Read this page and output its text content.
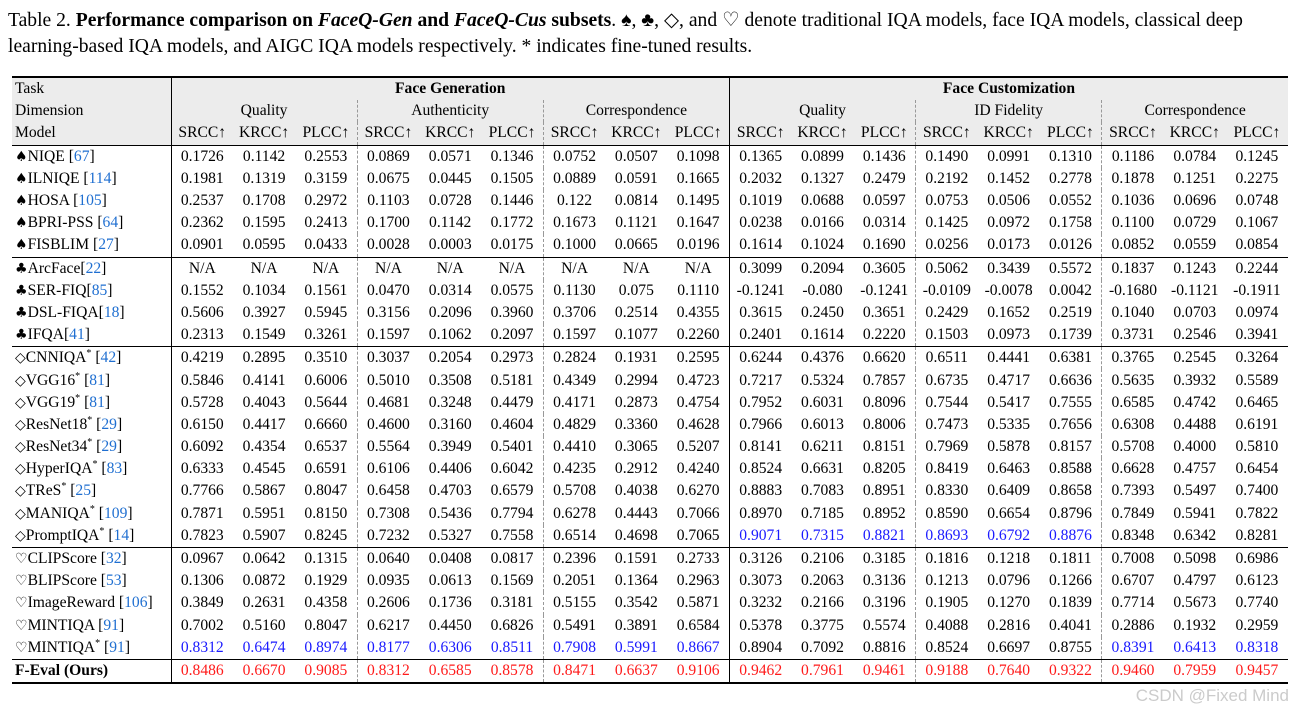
Table 2. Performance comparison on FaceQ-Gen and FaceQ-Cus subsets. ♠, ♣, ◇, and ♡ denote traditional IQA models, face IQA models, classical deep learning-based IQA models, and AIGC IQA models respectively. * indicates fine-tuned results.
Task	Face Generation									Face Customization								
Dimension	Quality			Authenticity			Correspondence			Quality			ID Fidelity			Correspondence		
Model	SRCC↑	KRCC↑	PLCC↑	SRCC↑	KRCC↑	PLCC↑	SRCC↑	KRCC↑	PLCC↑	SRCC↑	KRCC↑	PLCC↑	SRCC↑	KRCC↑	PLCC↑	SRCC↑	KRCC↑	PLCC↑
♠NIQE [67]	0.1726	0.1142	0.2553	0.0869	0.0571	0.1346	0.0752	0.0507	0.1098	0.1365	0.0899	0.1436	0.1490	0.0991	0.1310	0.1186	0.0784	0.1245
♠ILNIQE [114]	0.1981	0.1319	0.3159	0.0675	0.0445	0.1505	0.0889	0.0591	0.1665	0.2032	0.1327	0.2479	0.2192	0.1452	0.2778	0.1878	0.1251	0.2275
♠HOSA [105]	0.2537	0.1708	0.2972	0.1103	0.0728	0.1446	0.122	0.0814	0.1495	0.1019	0.0688	0.0597	0.0753	0.0506	0.0552	0.1036	0.0696	0.0748
♠BPRI-PSS [64]	0.2362	0.1595	0.2413	0.1700	0.1142	0.1772	0.1673	0.1121	0.1647	0.0238	0.0166	0.0314	0.1425	0.0972	0.1758	0.1100	0.0729	0.1067
♠FISBLIM [27]	0.0901	0.0595	0.0433	0.0028	0.0003	0.0175	0.1000	0.0665	0.0196	0.1614	0.1024	0.1690	0.0256	0.0173	0.0126	0.0852	0.0559	0.0854
♣ArcFace[22]	N/A	N/A	N/A	N/A	N/A	N/A	N/A	N/A	N/A	0.3099	0.2094	0.3605	0.5062	0.3439	0.5572	0.1837	0.1243	0.2244
♣SER-FIQ[85]	0.1552	0.1034	0.1561	0.0470	0.0314	0.0575	0.1130	0.075	0.1110	-0.1241	-0.080	-0.1241	-0.0109	-0.0078	0.0042	-0.1680	-0.1121	-0.1911
♣DSL-FIQA[18]	0.5606	0.3927	0.5945	0.3156	0.2096	0.3960	0.3706	0.2514	0.4355	0.3615	0.2450	0.3651	0.2429	0.1652	0.2519	0.1040	0.0703	0.0974
♣IFQA[41]	0.2313	0.1549	0.3261	0.1597	0.1062	0.2097	0.1597	0.1077	0.2260	0.2401	0.1614	0.2220	0.1503	0.0973	0.1739	0.3731	0.2546	0.3941
◇CNNIQA* [42]	0.4219	0.2895	0.3510	0.3037	0.2054	0.2973	0.2824	0.1931	0.2595	0.6244	0.4376	0.6620	0.6511	0.4441	0.6381	0.3765	0.2545	0.3264
◇VGG16* [81]	0.5846	0.4141	0.6006	0.5010	0.3508	0.5181	0.4349	0.2994	0.4723	0.7217	0.5324	0.7857	0.6735	0.4717	0.6636	0.5635	0.3932	0.5589
◇VGG19* [81]	0.5728	0.4043	0.5644	0.4681	0.3248	0.4479	0.4171	0.2873	0.4754	0.7952	0.6031	0.8096	0.7544	0.5417	0.7555	0.6585	0.4742	0.6465
◇ResNet18* [29]	0.6150	0.4417	0.6660	0.4600	0.3160	0.4604	0.4829	0.3360	0.4628	0.7966	0.6013	0.8006	0.7473	0.5335	0.7656	0.6308	0.4488	0.6191
◇ResNet34* [29]	0.6092	0.4354	0.6537	0.5564	0.3949	0.5401	0.4410	0.3065	0.5207	0.8141	0.6211	0.8151	0.7969	0.5878	0.8157	0.5708	0.4000	0.5810
◇HyperIQA* [83]	0.6333	0.4545	0.6591	0.6106	0.4406	0.6042	0.4235	0.2912	0.4240	0.8524	0.6631	0.8205	0.8419	0.6463	0.8588	0.6628	0.4757	0.6454
◇TReS* [25]	0.7766	0.5867	0.8047	0.6458	0.4703	0.6579	0.5708	0.4038	0.6270	0.8883	0.7083	0.8951	0.8330	0.6409	0.8658	0.7393	0.5497	0.7400
◇MANIQA* [109]	0.7871	0.5951	0.8150	0.7308	0.5436	0.7794	0.6278	0.4443	0.7066	0.8970	0.7185	0.8952	0.8590	0.6654	0.8796	0.7849	0.5941	0.7822
◇PromptIQA* [14]	0.7823	0.5907	0.8245	0.7232	0.5327	0.7558	0.6514	0.4698	0.7065	0.9071	0.7315	0.8821	0.8693	0.6792	0.8876	0.8348	0.6342	0.8281
♡CLIPScore [32]	0.0967	0.0642	0.1315	0.0640	0.0408	0.0817	0.2396	0.1591	0.2733	0.3126	0.2106	0.3185	0.1816	0.1218	0.1811	0.7008	0.5098	0.6986
♡BLIPScore [53]	0.1306	0.0872	0.1929	0.0935	0.0613	0.1569	0.2051	0.1364	0.2963	0.3073	0.2063	0.3136	0.1213	0.0796	0.1266	0.6707	0.4797	0.6123
♡ImageReward [106]	0.3849	0.2631	0.4358	0.2606	0.1736	0.3181	0.5155	0.3542	0.5871	0.3232	0.2166	0.3196	0.1905	0.1270	0.1839	0.7714	0.5673	0.7740
♡MINTIQA [91]	0.7002	0.5160	0.8047	0.6217	0.4450	0.6826	0.5491	0.3891	0.6584	0.5378	0.3775	0.5574	0.4088	0.2816	0.4041	0.2886	0.1932	0.2959
♡MINTIQA* [91]	0.8312	0.6474	0.8974	0.8177	0.6306	0.8511	0.7908	0.5991	0.8667	0.8904	0.7092	0.8816	0.8524	0.6697	0.8755	0.8391	0.6413	0.8318
F-Eval (Ours)	0.8486	0.6670	0.9085	0.8312	0.6585	0.8578	0.8471	0.6637	0.9106	0.9462	0.7961	0.9461	0.9188	0.7640	0.9322	0.9460	0.7959	0.9457
CSDN @Fixed Mind
